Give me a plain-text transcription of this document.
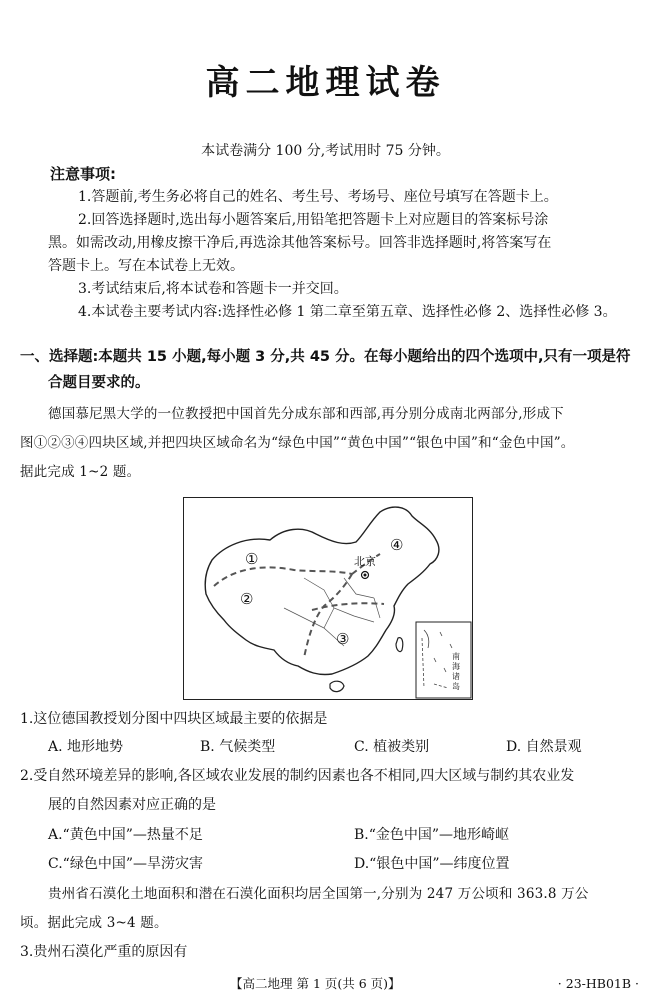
高二地理试卷
本试卷满分 100 分,考试用时 75 分钟。
注意事项:
1.答题前,考生务必将自己的姓名、考生号、考场号、座位号填写在答题卡上。
2.回答选择题时,选出每小题答案后,用铅笔把答题卡上对应题目的答案标号涂
黑。如需改动,用橡皮擦干净后,再选涂其他答案标号。回答非选择题时,将答案写在
答题卡上。写在本试卷上无效。
3.考试结束后,将本试卷和答题卡一并交回。
4.本试卷主要考试内容:选择性必修 1 第二章至第五章、选择性必修 2、选择性必修 3。
一、选择题:本题共 15 小题,每小题 3 分,共 45 分。在每小题给出的四个选项中,只有一项是符
合题目要求的。
德国慕尼黑大学的一位教授把中国首先分成东部和西部,再分别分成南北两部分,形成下
图①②③④四块区域,并把四块区域命名为“绿色中国”“黄色中国”“银色中国”和“金色中国”。
据此完成 1~2 题。
①
②
③
④
北京
南海诸岛
1.这位德国教授划分图中四块区域最主要的依据是
A. 地形地势	B. 气候类型	C. 植被类别	D. 自然景观
2.受自然环境差异的影响,各区域农业发展的制约因素也各不相同,四大区域与制约其农业发
展的自然因素对应正确的是
A.“黄色中国”—热量不足	B.“金色中国”—地形崎岖
C.“绿色中国”—旱涝灾害	D.“银色中国”—纬度位置
贵州省石漠化土地面积和潜在石漠化面积均居全国第一,分别为 247 万公顷和 363.8 万公
顷。据此完成 3~4 题。
3.贵州石漠化严重的原因有
【高二地理 第 1 页(共 6 页)】	· 23-HB01B ·
